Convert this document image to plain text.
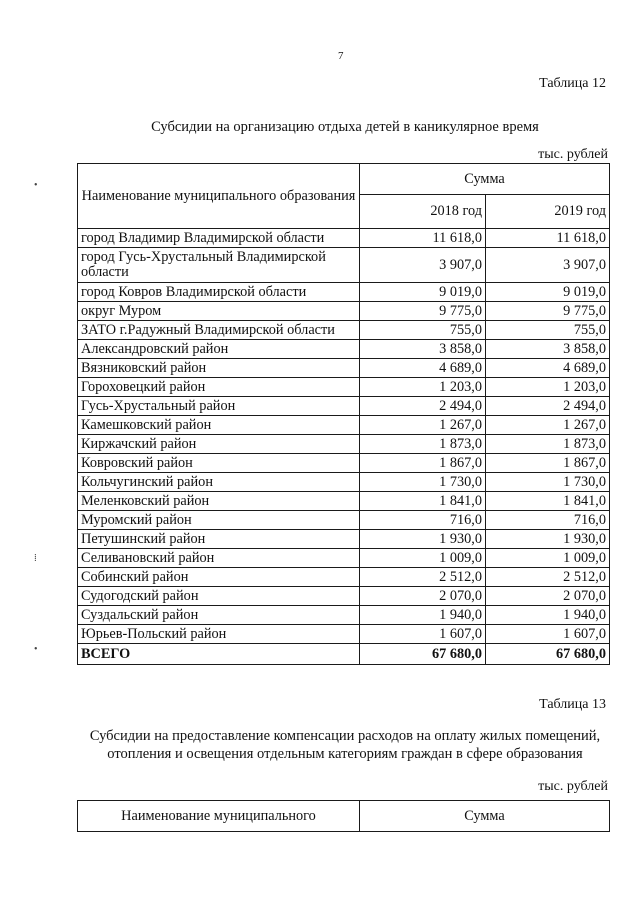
7
Таблица 12
Субсидии на организацию отдыха детей в каникулярное время
тыс. рублей
Наименование муниципального образования	Сумма	
	2018 год	2019 год
город Владимир Владимирской области	11 618,0	11 618,0
город Гусь-Хрустальный Владимирской области	3 907,0	3 907,0
город Ковров Владимирской области	9 019,0	9 019,0
округ Муром	9 775,0	9 775,0
ЗАТО г.Радужный Владимирской области	755,0	755,0
Александровский район	3 858,0	3 858,0
Вязниковский район	4 689,0	4 689,0
Гороховецкий район	1 203,0	1 203,0
Гусь-Хрустальный район	2 494,0	2 494,0
Камешковский район	1 267,0	1 267,0
Киржачский район	1 873,0	1 873,0
Ковровский район	1 867,0	1 867,0
Кольчугинский район	1 730,0	1 730,0
Меленковский район	1 841,0	1 841,0
Муромский район	716,0	716,0
Петушинский район	1 930,0	1 930,0
Селивановский район	1 009,0	1 009,0
Собинский район	2 512,0	2 512,0
Судогодский район	2 070,0	2 070,0
Суздальский район	1 940,0	1 940,0
Юрьев-Польский район	1 607,0	1 607,0
ВСЕГО	67 680,0	67 680,0
Таблица 13
Субсидии на предоставление компенсации расходов на оплату жилых помещений, отопления и освещения отдельным категориям граждан в сфере образования
тыс. рублей
Наименование муниципального	Сумма
•
⁞
•
